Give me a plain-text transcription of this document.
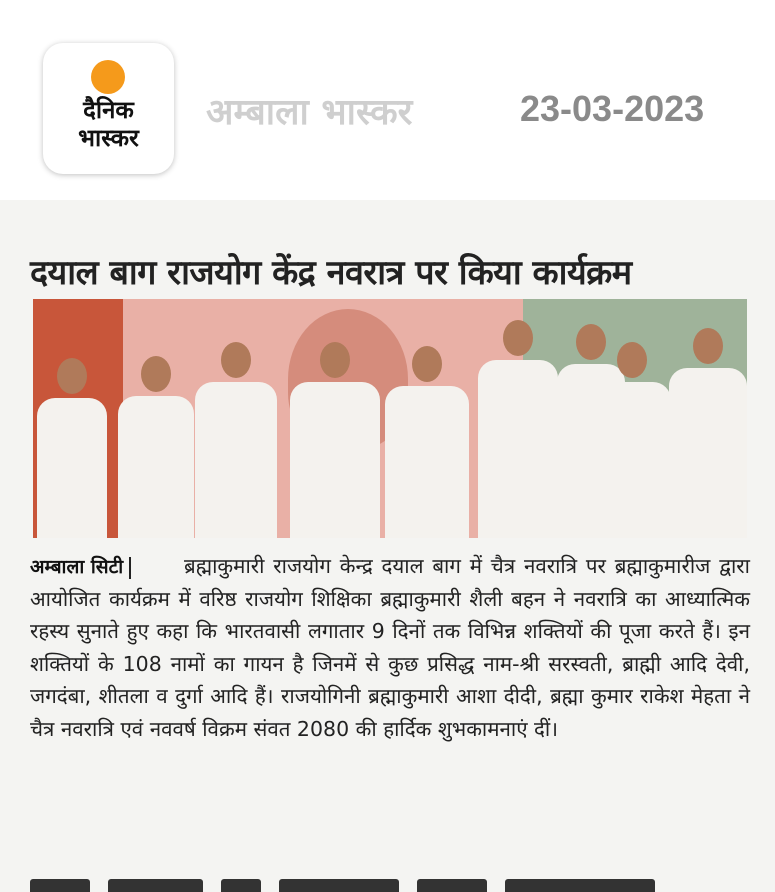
दैनिक
भास्कर
अम्बाला भास्कर	23-03-2023
दयाल बाग राजयोग केंद्र नवरात्र पर किया कार्यक्रम
अम्बाला सिटी	ब्रह्माकुमारी राजयोग केन्द्र दयाल बाग में चैत्र नवरात्रि पर ब्रह्माकुमारीज द्वारा आयोजित कार्यक्रम में वरिष्ठ राजयोग शिक्षिका ब्रह्माकुमारी शैली बहन ने नवरात्रि का आध्यात्मिक रहस्य सुनाते हुए कहा कि भारतवासी लगातार 9 दिनों तक विभिन्न शक्तियों की पूजा करते हैं। इन शक्तियों के 108 नामों का गायन है जिनमें से कुछ प्रसिद्ध नाम-श्री सरस्वती, ब्राह्मी आदि देवी, जगदंबा, शीतला व दुर्गा आदि हैं। राजयोगिनी ब्रह्माकुमारी आशा दीदी, ब्रह्मा कुमार राकेश मेहता ने चैत्र नवरात्रि एवं नववर्ष विक्रम संवत 2080 की हार्दिक शुभकामनाएं दीं।
